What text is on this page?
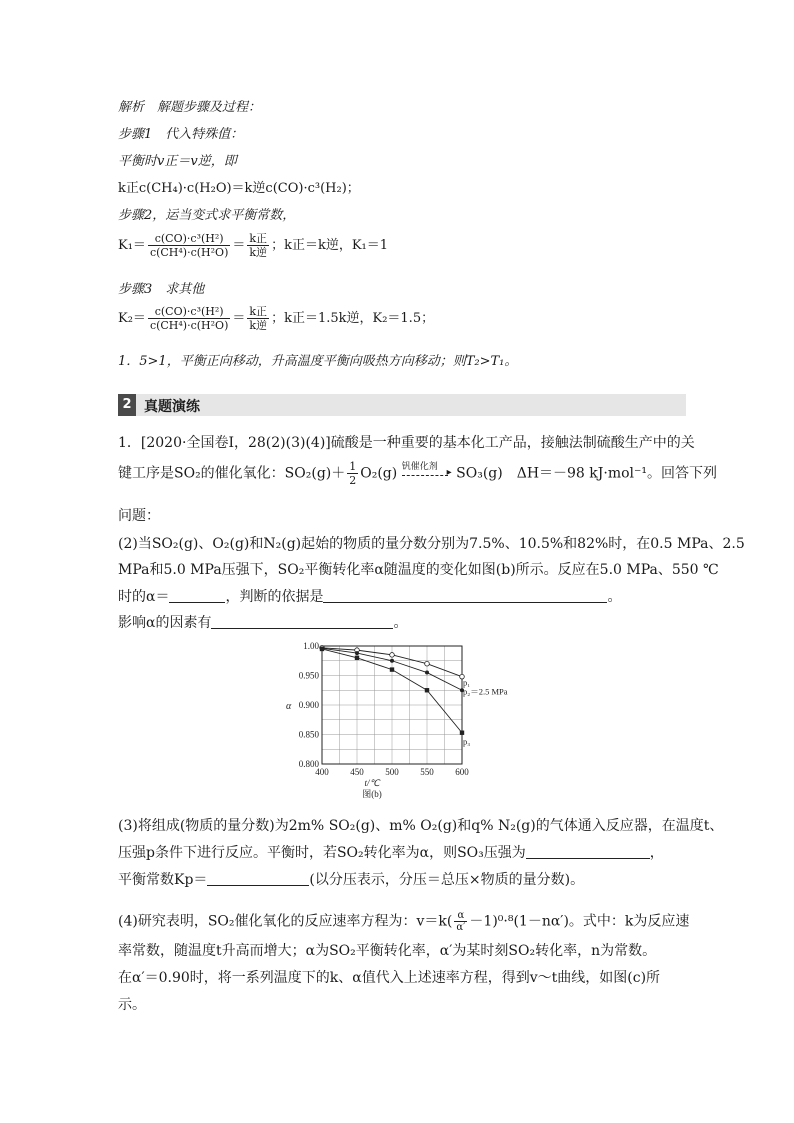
解析　解题步骤及过程：
步骤1　代入特殊值：
平衡时v正＝v逆，即
k正c(CH₄)·c(H₂O)＝k逆c(CO)·c³(H₂)；
步骤2，运当变式求平衡常数，
$K_1= \frac{\text{c(CO)·c³(H²)}}{\text{c(CH⁴)·c(H²O)}} = \frac{\text{k正}}{\text{k逆}}$ ；k正＝k逆，K₁＝1
步骤3　求其他
$K_2= \frac{\text{c(CO)·c³(H²)}}{\text{c(CH⁴)·c(H²O)}} = \frac{\text{k正}}{\text{k逆}}$ ；k正＝1.5k逆，K₂＝1.5；
1．5>1，平衡正向移动，升高温度平衡向吸热方向移动；则T₂>T₁。
2 真题演练
1．[2020·全国卷Ⅰ，28(2)(3)(4)]硫酸是一种重要的基本化工产品，接触法制硫酸生产中的关
键工序是SO₂的催化氧化：$SO_2(g)+ \frac{1}{2} O_2(g)$ 钒催化剂 ▸ SO₃(g)　ΔH＝－98 kJ·mol⁻¹。回答下列
问题：
(2)当SO₂(g)、O₂(g)和N₂(g)起始的物质的量分数分别为7.5%、10.5%和82%时，在0.5 MPa、2.5
MPa和5.0 MPa压强下，SO₂平衡转化率α随温度的变化如图(b)所示。反应在5.0 MPa、550 ℃
时的α＝	，判断的依据是	。
影响α的因素有	。
400 450 500 550 600
0.800
0.850
0.900
0.950
1.00
t/℃
α
图(b)
p₁
p₂＝2.5 MPa
p₃
(3)将组成(物质的量分数)为2m% SO₂(g)、m% O₂(g)和q% N₂(g)的气体通入反应器，在温度t、
压强p条件下进行反应。平衡时，若SO₂转化率为α，则SO₃压强为	，
平衡常数Kp＝	(以分压表示，分压＝总压×物质的量分数)。
(4)研究表明，SO₂催化氧化的反应速率方程为：$v=k( \frac{\alpha}{\alpha'} -1)^0\cdot^8(1-n\alpha')$。式中：k为反应速
率常数，随温度t升高而增大；α为SO₂平衡转化率，α′为某时刻SO₂转化率，n为常数。
在α′＝0.90时，将一系列温度下的k、α值代入上述速率方程，得到v～t曲线，如图(c)所
示。
